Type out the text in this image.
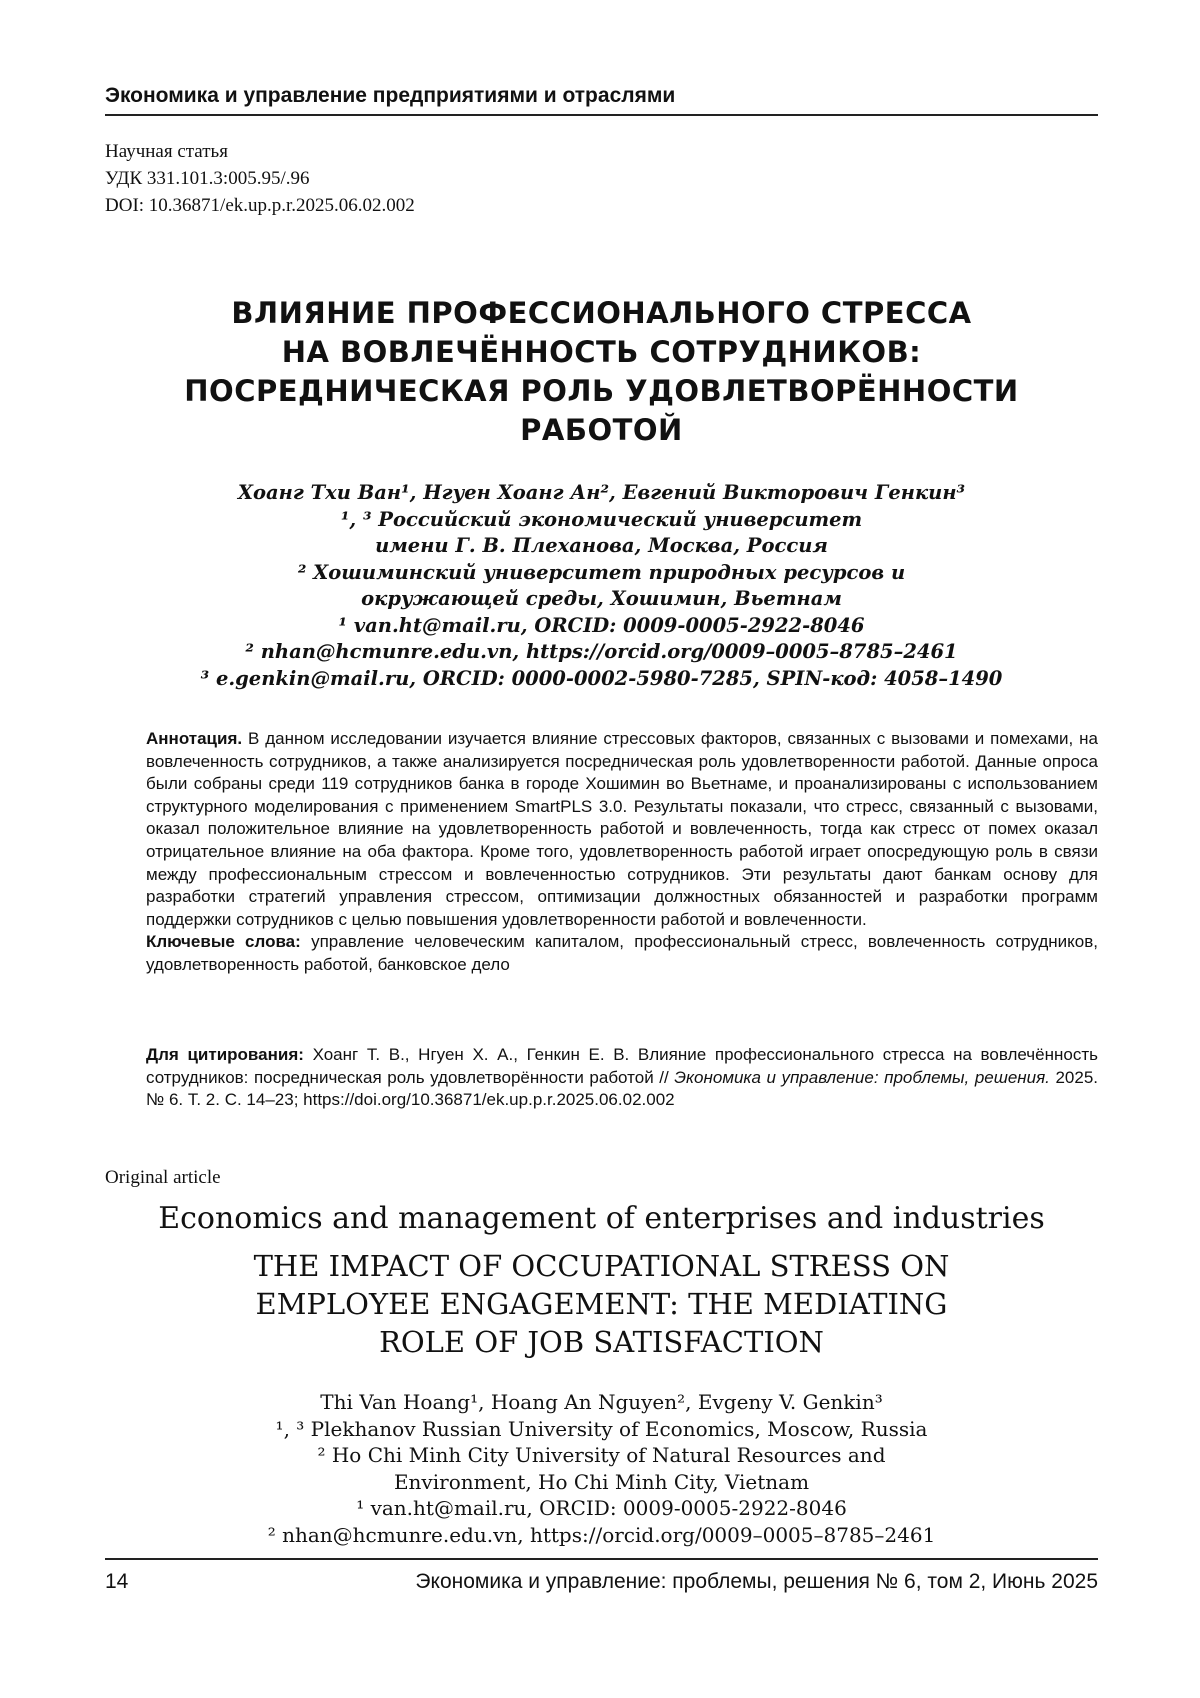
Экономика и управление предприятиями и отраслями
Научная статья
УДК 331.101.3:005.95/.96
DOI: 10.36871/ek.up.p.r.2025.06.02.002
ВЛИЯНИЕ ПРОФЕССИОНАЛЬНОГО СТРЕССА
НА ВОВЛЕЧЁННОСТЬ СОТРУДНИКОВ:
ПОСРЕДНИЧЕСКАЯ РОЛЬ УДОВЛЕТВОРЁННОСТИ
РАБОТОЙ
Хоанг Тхи Ван¹, Нгуен Хоанг Ан², Евгений Викторович Генкин³
¹, ³ Российский экономический университет
имени Г. В. Плеханова, Москва, Россия
² Хошиминский университет природных ресурсов и
окружающей среды, Хошимин, Вьетнам
¹ van.ht@mail.ru, ORCID: 0009-0005-2922-8046
² nhan@hcmunre.edu.vn, https://orcid.org/0009–0005–8785–2461
³ e.genkin@mail.ru, ORCID: 0000-0002-5980-7285, SPIN-код: 4058–1490

Аннотация. В данном исследовании изучается влияние стрессовых факторов, связанных с вызовами и помехами, на вовлеченность сотрудников, а также анализируется посредническая роль удовлетворенности работой. Данные опроса были собраны среди 119 сотрудников банка в городе Хошимин во Вьетнаме, и проанализированы с использованием структурного моделирования с применением SmartPLS 3.0. Результаты показали, что стресс, связанный с вызовами, оказал положительное влияние на удовлетворенность работой и вовлеченность, тогда как стресс от помех оказал отрицательное влияние на оба фактора. Кроме того, удовлетворенность работой играет опосредующую роль в связи между профессиональным стрессом и вовлеченностью сотрудников. Эти результаты дают банкам основу для разработки стратегий управления стрессом, оптимизации должностных обязанностей и разработки программ поддержки сотрудников с целью повышения удовлетворенности работой и вовлеченности.

Ключевые слова: управление человеческим капиталом, профессиональный стресс, вовлеченность сотрудников, удовлетворенность работой, банковское дело

Для цитирования: Хоанг Т. В., Нгуен Х. А., Генкин Е. В. Влияние профессионального стресса на вовлечённость сотрудников: посредническая роль удовлетворённости работой // Экономика и управление: проблемы, решения. 2025. № 6. Т. 2. С. 14–23; https://doi.org/10.36871/ek.up.p.r.2025.06.02.002
Original article
Economics and management of enterprises and industries
THE IMPACT OF OCCUPATIONAL STRESS ON
EMPLOYEE ENGAGEMENT: THE MEDIATING
ROLE OF JOB SATISFACTION
Thi Van Hoang¹, Hoang An Nguyen², Evgeny V. Genkin³
¹, ³ Plekhanov Russian University of Economics, Moscow, Russia
² Ho Chi Minh City University of Natural Resources and
Environment, Ho Chi Minh City, Vietnam
¹ van.ht@mail.ru, ORCID: 0009-0005-2922-8046
² nhan@hcmunre.edu.vn, https://orcid.org/0009–0005–8785–2461
14	Экономика и управление: проблемы, решения № 6, том 2, Июнь 2025
